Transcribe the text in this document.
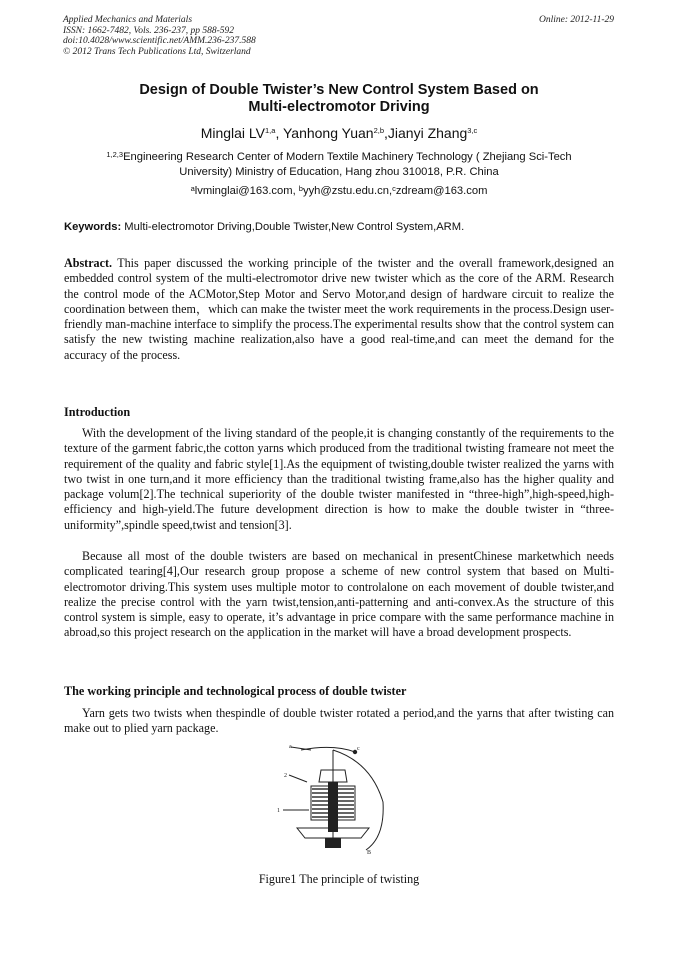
Applied Mechanics and Materials
ISSN: 1662-7482, Vols. 236-237, pp 588-592
doi:10.4028/www.scientific.net/AMM.236-237.588
© 2012 Trans Tech Publications Ltd, Switzerland
Online: 2012-11-29
Design of Double Twister’s New Control System Based on
Multi-electromotor Driving
Minglai LV$^{1,a}$, Yanhong Yuan$^{2,b}$,Jianyi Zhang$^{3,c}$
$^{1,2,3}$Engineering Research Center of Modern Textile Machinery Technology ( Zhejiang Sci-Tech
University) Ministry of Education, Hang zhou 310018, P.R. China
$^a$lvminglai@163.com, $^b$yyh@zstu.edu.cn,$^c$zdream@163.com
Keywords: Multi-electromotor Driving,Double Twister,New Control System,ARM.
Abstract. This paper discussed the working principle of the twister and the overall framework,designed an embedded control system of the multi-electromotor drive new twister which as the core of the ARM. Research the control mode of the ACMotor,Step Motor and Servo Motor,and design of hardware circuit to realize the coordination between them，which can make the twister meet the work requirements in the process.Design user-friendly man-machine interface to simplify the process.The experimental results show that the control system can satisfy the new twisting machine realization,also have a good real-time,and can meet the demand for the accuracy of the process.
Introduction
With the development of the living standard of the people,it is changing constantly of the requirements to the texture of the garment fabric,the cotton yarns which produced from the traditional twisting frameare not meet the requirement of the quality and fabric style[1].As the equipment of twisting,double twister realized the yarns with two twist in one turn,and it more efficiency than the traditional twisting frame,also has the higher quality and package volum[2].The technical superiority of the double twister manifested in “three-high”,high-speed,high-efficiency and high-yield.The future development direction is how to make the double twister in “three-uniformity”,spindle speed,twist and tension[3].
Because all most of the double twisters are based on mechanical in presentChinese marketwhich needs complicated tearing[4],Our research group propose a scheme of new control system that based on Multi-electromotor driving.This system uses multiple motor to controlalone on each movement of double twister,and realize the precise control with the yarn twist,tension,anti-patterning and anti-convex.As the structure of this control system is simple, easy to operate, it’s advantage in price compare with the same performance machine in abroad,so this project research on the application in the market will have a broad development prospects.
The working principle and technological process of double twister
Yarn gets two twists when thespindle of double twister rotated a period,and the yarns that after twisting can make out to plied yarn package.
a	c
2
1
B
Figure1 The principle of twisting
